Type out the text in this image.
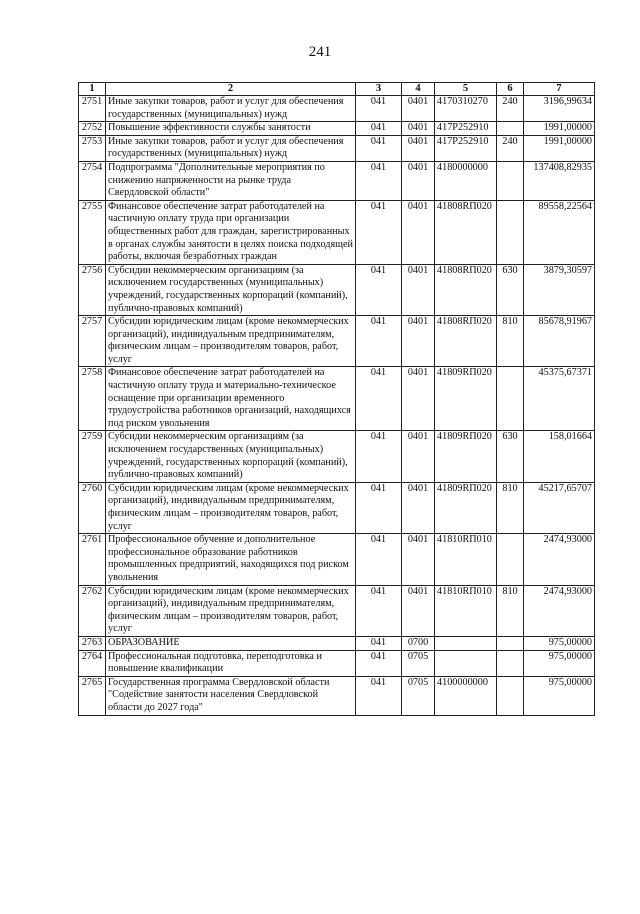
241
1	2	3	4	5	6	7
2751	Иные закупки товаров, работ и услуг для обеспечения государственных (муниципальных) нужд	041	0401	4170310270	240	3196,99634
2752	Повышение эффективности службы занятости	041	0401	417Р252910		1991,00000
2753	Иные закупки товаров, работ и услуг для обеспечения государственных (муниципальных) нужд	041	0401	417Р252910	240	1991,00000
2754	Подпрограмма "Дополнительные мероприятия по снижению напряженности на рынке труда Свердловской области"	041	0401	4180000000		137408,82935
2755	Финансовое обеспечение затрат работодателей на частичную оплату труда при организации общественных работ для граждан, зарегистрированных в органах службы занятости в целях поиска подходящей работы, включая безработных граждан	041	0401	41808RП020		89558,22564
2756	Субсидии некоммерческим организациям (за исключением государственных (муниципальных) учреждений, государственных корпораций (компаний), публично-правовых компаний)	041	0401	41808RП020	630	3879,30597
2757	Субсидии юридическим лицам (кроме некоммерческих организаций), индивидуальным предпринимателям, физическим лицам – производителям товаров, работ, услуг	041	0401	41808RП020	810	85678,91967
2758	Финансовое обеспечение затрат работодателей на частичную оплату труда и материально-техническое оснащение при организации временного трудоустройства работников организаций, находящихся под риском увольнения	041	0401	41809RП020		45375,67371
2759	Субсидии некоммерческим организациям (за исключением государственных (муниципальных) учреждений, государственных корпораций (компаний), публично-правовых компаний)	041	0401	41809RП020	630	158,01664
2760	Субсидии юридическим лицам (кроме некоммерческих организаций), индивидуальным предпринимателям, физическим лицам – производителям товаров, работ, услуг	041	0401	41809RП020	810	45217,65707
2761	Профессиональное обучение и дополнительное профессиональное образование работников промышленных предприятий, находящихся под риском увольнения	041	0401	41810RП010		2474,93000
2762	Субсидии юридическим лицам (кроме некоммерческих организаций), индивидуальным предпринимателям, физическим лицам – производителям товаров, работ, услуг	041	0401	41810RП010	810	2474,93000
2763	ОБРАЗОВАНИЕ	041	0700			975,00000
2764	Профессиональная подготовка, переподготовка и повышение квалификации	041	0705			975,00000
2765	Государственная программа Свердловской области "Содействие занятости населения Свердловской области до 2027 года"	041	0705	4100000000		975,00000
